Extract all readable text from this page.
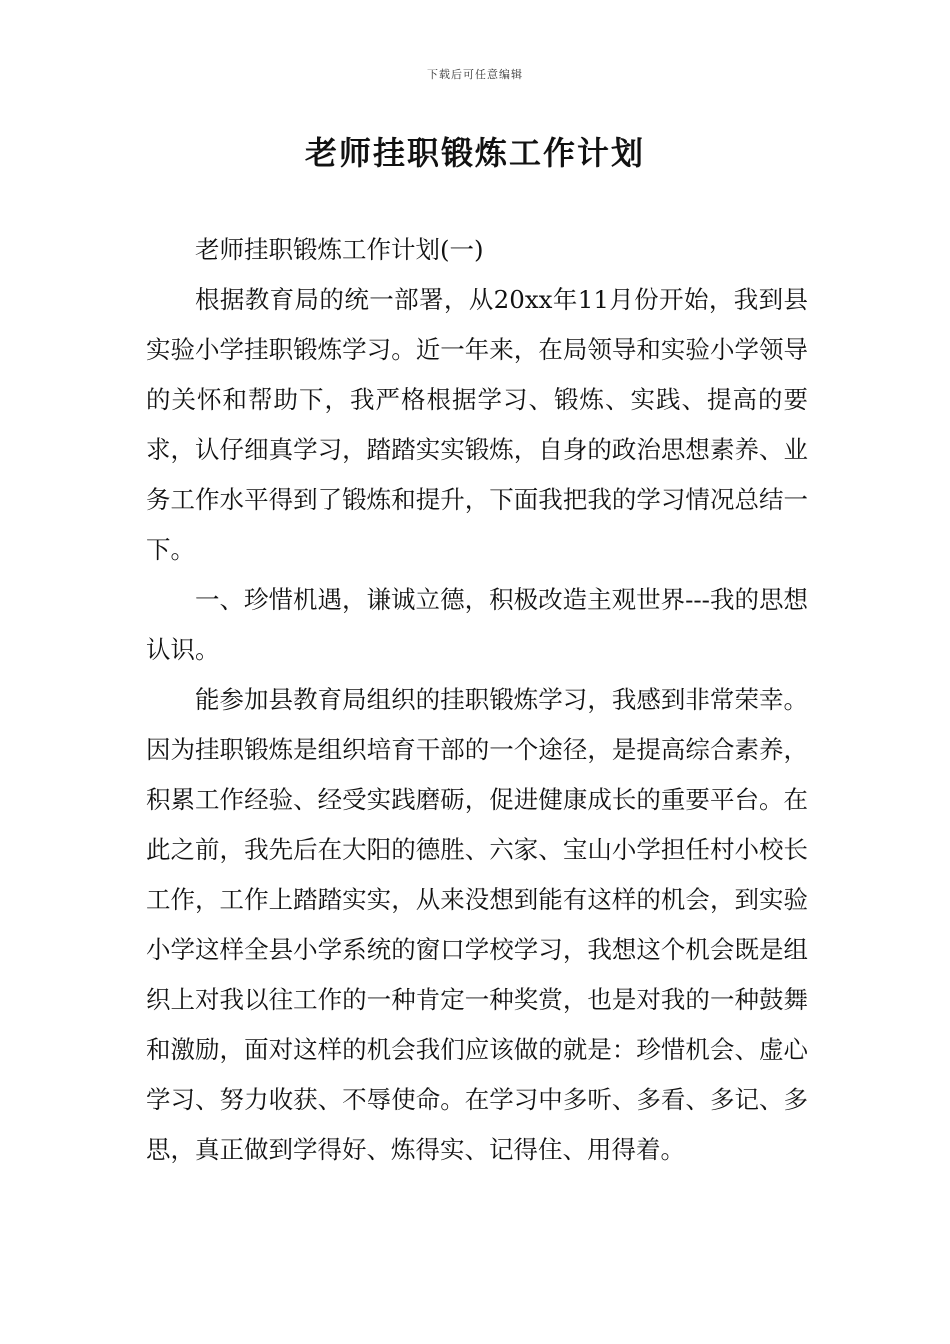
下载后可任意编辑
老师挂职锻炼工作计划

老师挂职锻炼工作计划(一)

根据教育局的统一部署，从20xx年11月份开始，我到县实验小学挂职锻炼学习。近一年来，在局领导和实验小学领导的关怀和帮助下，我严格根据学习、锻炼、实践、提高的要求，认仔细真学习，踏踏实实锻炼，自身的政治思想素养、业务工作水平得到了锻炼和提升，下面我把我的学习情况总结一下。

一、珍惜机遇，谦诚立德，积极改造主观世界---我的思想认识。

能参加县教育局组织的挂职锻炼学习，我感到非常荣幸。因为挂职锻炼是组织培育干部的一个途径，是提高综合素养，积累工作经验、经受实践磨砺，促进健康成长的重要平台。在此之前，我先后在大阳的德胜、六家、宝山小学担任村小校长工作，工作上踏踏实实，从来没想到能有这样的机会，到实验小学这样全县小学系统的窗口学校学习，我想这个机会既是组织上对我以往工作的一种肯定一种奖赏，也是对我的一种鼓舞和激励，面对这样的机会我们应该做的就是：珍惜机会、虚心学习、努力收获、不辱使命。在学习中多听、多看、多记、多思，真正做到学得好、炼得实、记得住、用得着。
